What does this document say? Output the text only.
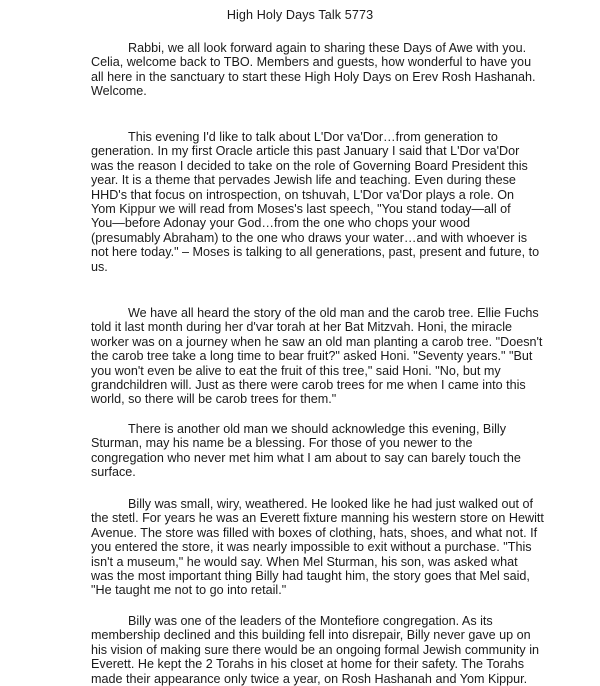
High Holy Days Talk 5773
Rabbi, we all look forward again to sharing these Days of Awe with you.
Celia, welcome back to TBO. Members and guests, how wonderful to have you
all here in the sanctuary to start these High Holy Days on Erev Rosh Hashanah.
Welcome.
This evening I'd like to talk about L'Dor va'Dor…from generation to
generation. In my first Oracle article this past January I said that L'Dor va'Dor
was the reason I decided to take on the role of Governing Board President this
year. It is a theme that pervades Jewish life and teaching. Even during these
HHD's that focus on introspection, on tshuvah, L'Dor va'Dor plays a role. On
Yom Kippur we will read from Moses's last speech, "You stand today—all of
You—before Adonay your God…from the one who chops your wood
(presumably Abraham) to the one who draws your water…and with whoever is
not here today." – Moses is talking to all generations, past, present and future, to
us.
We have all heard the story of the old man and the carob tree. Ellie Fuchs
told it last month during her d'var torah at her Bat Mitzvah. Honi, the miracle
worker was on a journey when he saw an old man planting a carob tree. "Doesn't
the carob tree take a long time to bear fruit?" asked Honi. "Seventy years." "But
you won't even be alive to eat the fruit of this tree," said Honi. "No, but my
grandchildren will. Just as there were carob trees for me when I came into this
world, so there will be carob trees for them."
There is another old man we should acknowledge this evening, Billy
Sturman, may his name be a blessing. For those of you newer to the
congregation who never met him what I am about to say can barely touch the
surface.
Billy was small, wiry, weathered. He looked like he had just walked out of
the stetl. For years he was an Everett fixture manning his western store on Hewitt
Avenue. The store was filled with boxes of clothing, hats, shoes, and what not. If
you entered the store, it was nearly impossible to exit without a purchase. "This
isn't a museum," he would say. When Mel Sturman, his son, was asked what
was the most important thing Billy had taught him, the story goes that Mel said,
"He taught me not to go into retail."
Billy was one of the leaders of the Montefiore congregation. As its
membership declined and this building fell into disrepair, Billy never gave up on
his vision of making sure there would be an ongoing formal Jewish community in
Everett. He kept the 2 Torahs in his closet at home for their safety. The Torahs
made their appearance only twice a year, on Rosh Hashanah and Yom Kippur.
